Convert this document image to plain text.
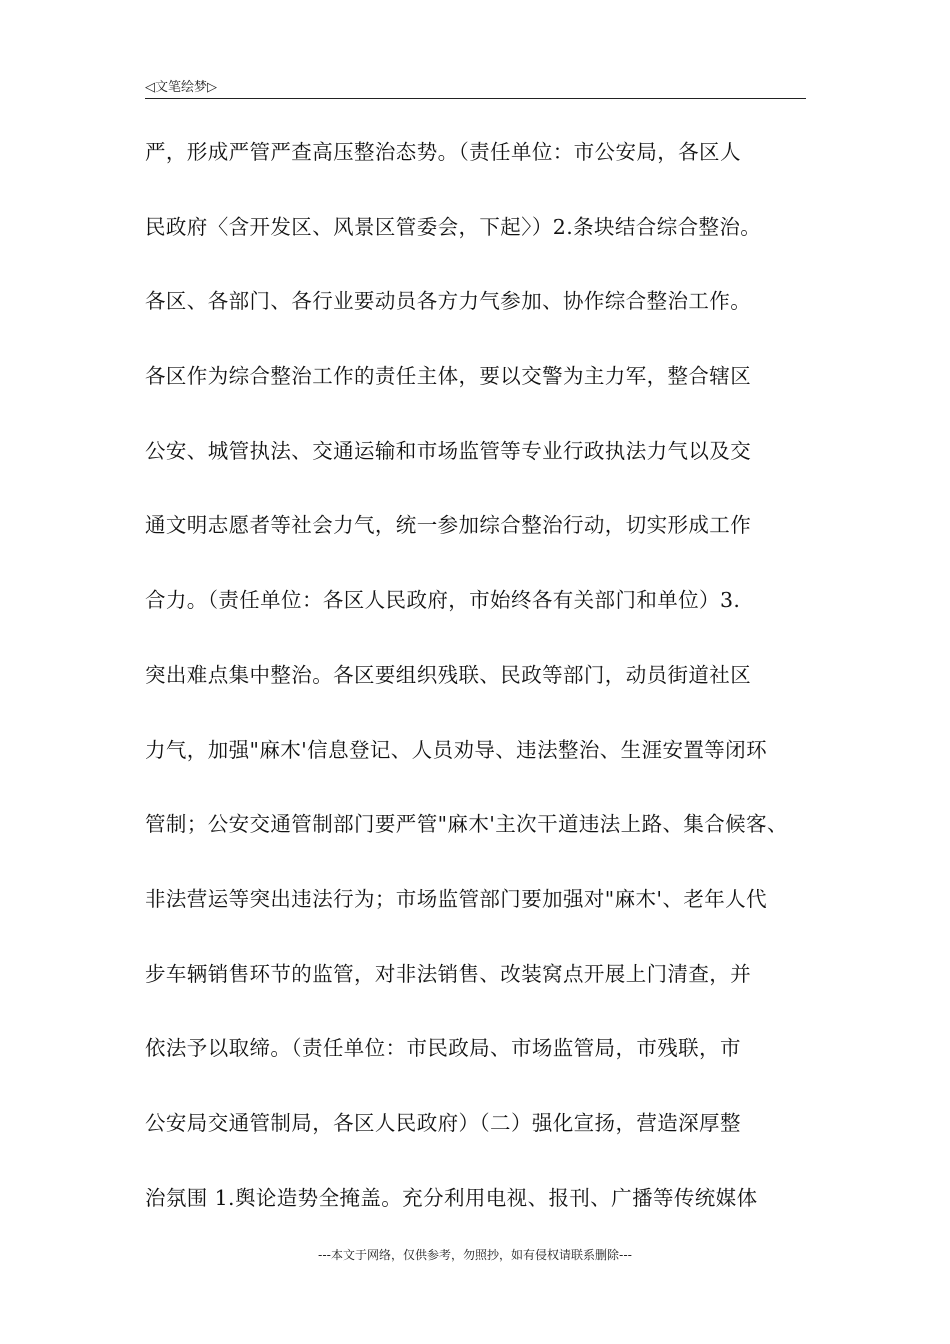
◁文笔绘梦▷
严，形成严管严查高压整治态势。（责任单位：市公安局，各区人
民政府〈含开发区、风景区管委会，下起〉）2.条块结合综合整治。
各区、各部门、各行业要动员各方力气参加、协作综合整治工作。
各区作为综合整治工作的责任主体，要以交警为主力军，整合辖区
公安、城管执法、交通运输和市场监管等专业行政执法力气以及交
通文明志愿者等社会力气，统一参加综合整治行动，切实形成工作
合力。（责任单位：各区人民政府，市始终各有关部门和单位）3.
突出难点集中整治。各区要组织残联、民政等部门，动员街道社区
力气，加强"麻木'信息登记、人员劝导、违法整治、生涯安置等闭环
管制；公安交通管制部门要严管"麻木'主次干道违法上路、集合候客、
非法营运等突出违法行为；市场监管部门要加强对"麻木'、老年人代
步车辆销售环节的监管，对非法销售、改装窝点开展上门清查，并
依法予以取缔。（责任单位：市民政局、市场监管局，市残联，市
公安局交通管制局，各区人民政府）（二）强化宣扬，营造深厚整
治氛围 1.舆论造势全掩盖。充分利用电视、报刊、广播等传统媒体
---本文于网络，仅供参考，勿照抄，如有侵权请联系删除---
